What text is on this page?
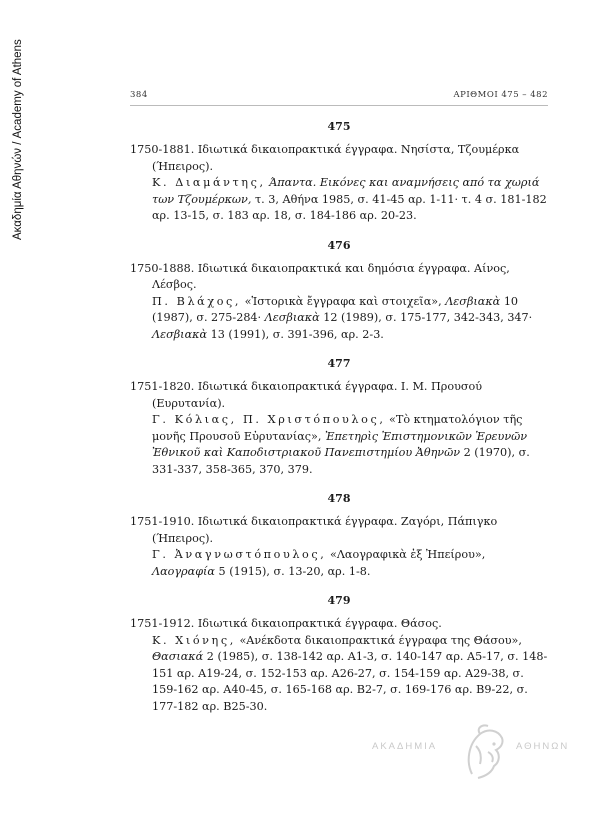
Ακαδημία Αθηνών / Academy of Athens	384	ΑΡΙΘΜΟΙ 475 – 482
475

1750-1881. Ιδιωτικά δικαιοπρακτικά έγγραφα. Νησίστα, Τζουμέρκα (Ήπειρος).

Κ. Διαμάντης, Άπαντα. Εικόνες και αναμνήσεις από τα χωριά των Τζουμέρκων, τ. 3, Αθήνα 1985, σ. 41-45 αρ. 1-11· τ. 4 σ. 181-182 αρ. 13-15, σ. 183 αρ. 18, σ. 184-186 αρ. 20-23.

476

1750-1888. Ιδιωτικά δικαιοπρακτικά και δημόσια έγγραφα. Αίνος, Λέσβος.

Π. Βλάχος, «Ἱστορικὰ ἔγγραφα καὶ στοιχεῖα», Λεσβιακὰ 10 (1987), σ. 275-284· Λεσβιακὰ 12 (1989), σ. 175-177, 342-343, 347· Λεσβιακὰ 13 (1991), σ. 391-396, αρ. 2-3.

477

1751-1820. Ιδιωτικά δικαιοπρακτικά έγγραφα. Ι. Μ. Προυσού (Ευρυτανία).

Γ. Κόλιας, Π. Χριστόπουλος, «Τὸ κτηματολόγιον τῆς μονῆς Προυσοῦ Εὐρυτανίας», Ἐπετηρὶς Ἐπιστημονικῶν Ἐρευνῶν Ἐθνικοῦ καὶ Καποδιστριακοῦ Πανεπιστημίου Ἀθηνῶν 2 (1970), σ. 331-337, 358-365, 370, 379.

478

1751-1910. Ιδιωτικά δικαιοπρακτικά έγγραφα. Ζαγόρι, Πάπιγκο (Ήπειρος).

Γ. Ἀναγνωστόπουλος, «Λαογραφικὰ ἐξ Ἠπείρου», Λαογραφία 5 (1915), σ. 13-20, αρ. 1-8.

479

1751-1912. Ιδιωτικά δικαιοπρακτικά έγγραφα. Θάσος.

Κ. Χιόνης, «Ανέκδοτα δικαιοπρακτικά έγγραφα της Θάσου», Θασιακά 2 (1985), σ. 138-142 αρ. Α1-3, σ. 140-147 αρ. Α5-17, σ. 148-151 αρ. Α19-24, σ. 152-153 αρ. Α26-27, σ. 154-159 αρ. Α29-38, σ. 159-162 αρ. Α40-45, σ. 165-168 αρ. Β2-7, σ. 169-176 αρ. Β9-22, σ. 177-182 αρ. Β25-30.

ΑΚΑΔΗΜΙΑ	ΑΘΗΝΩΝ
